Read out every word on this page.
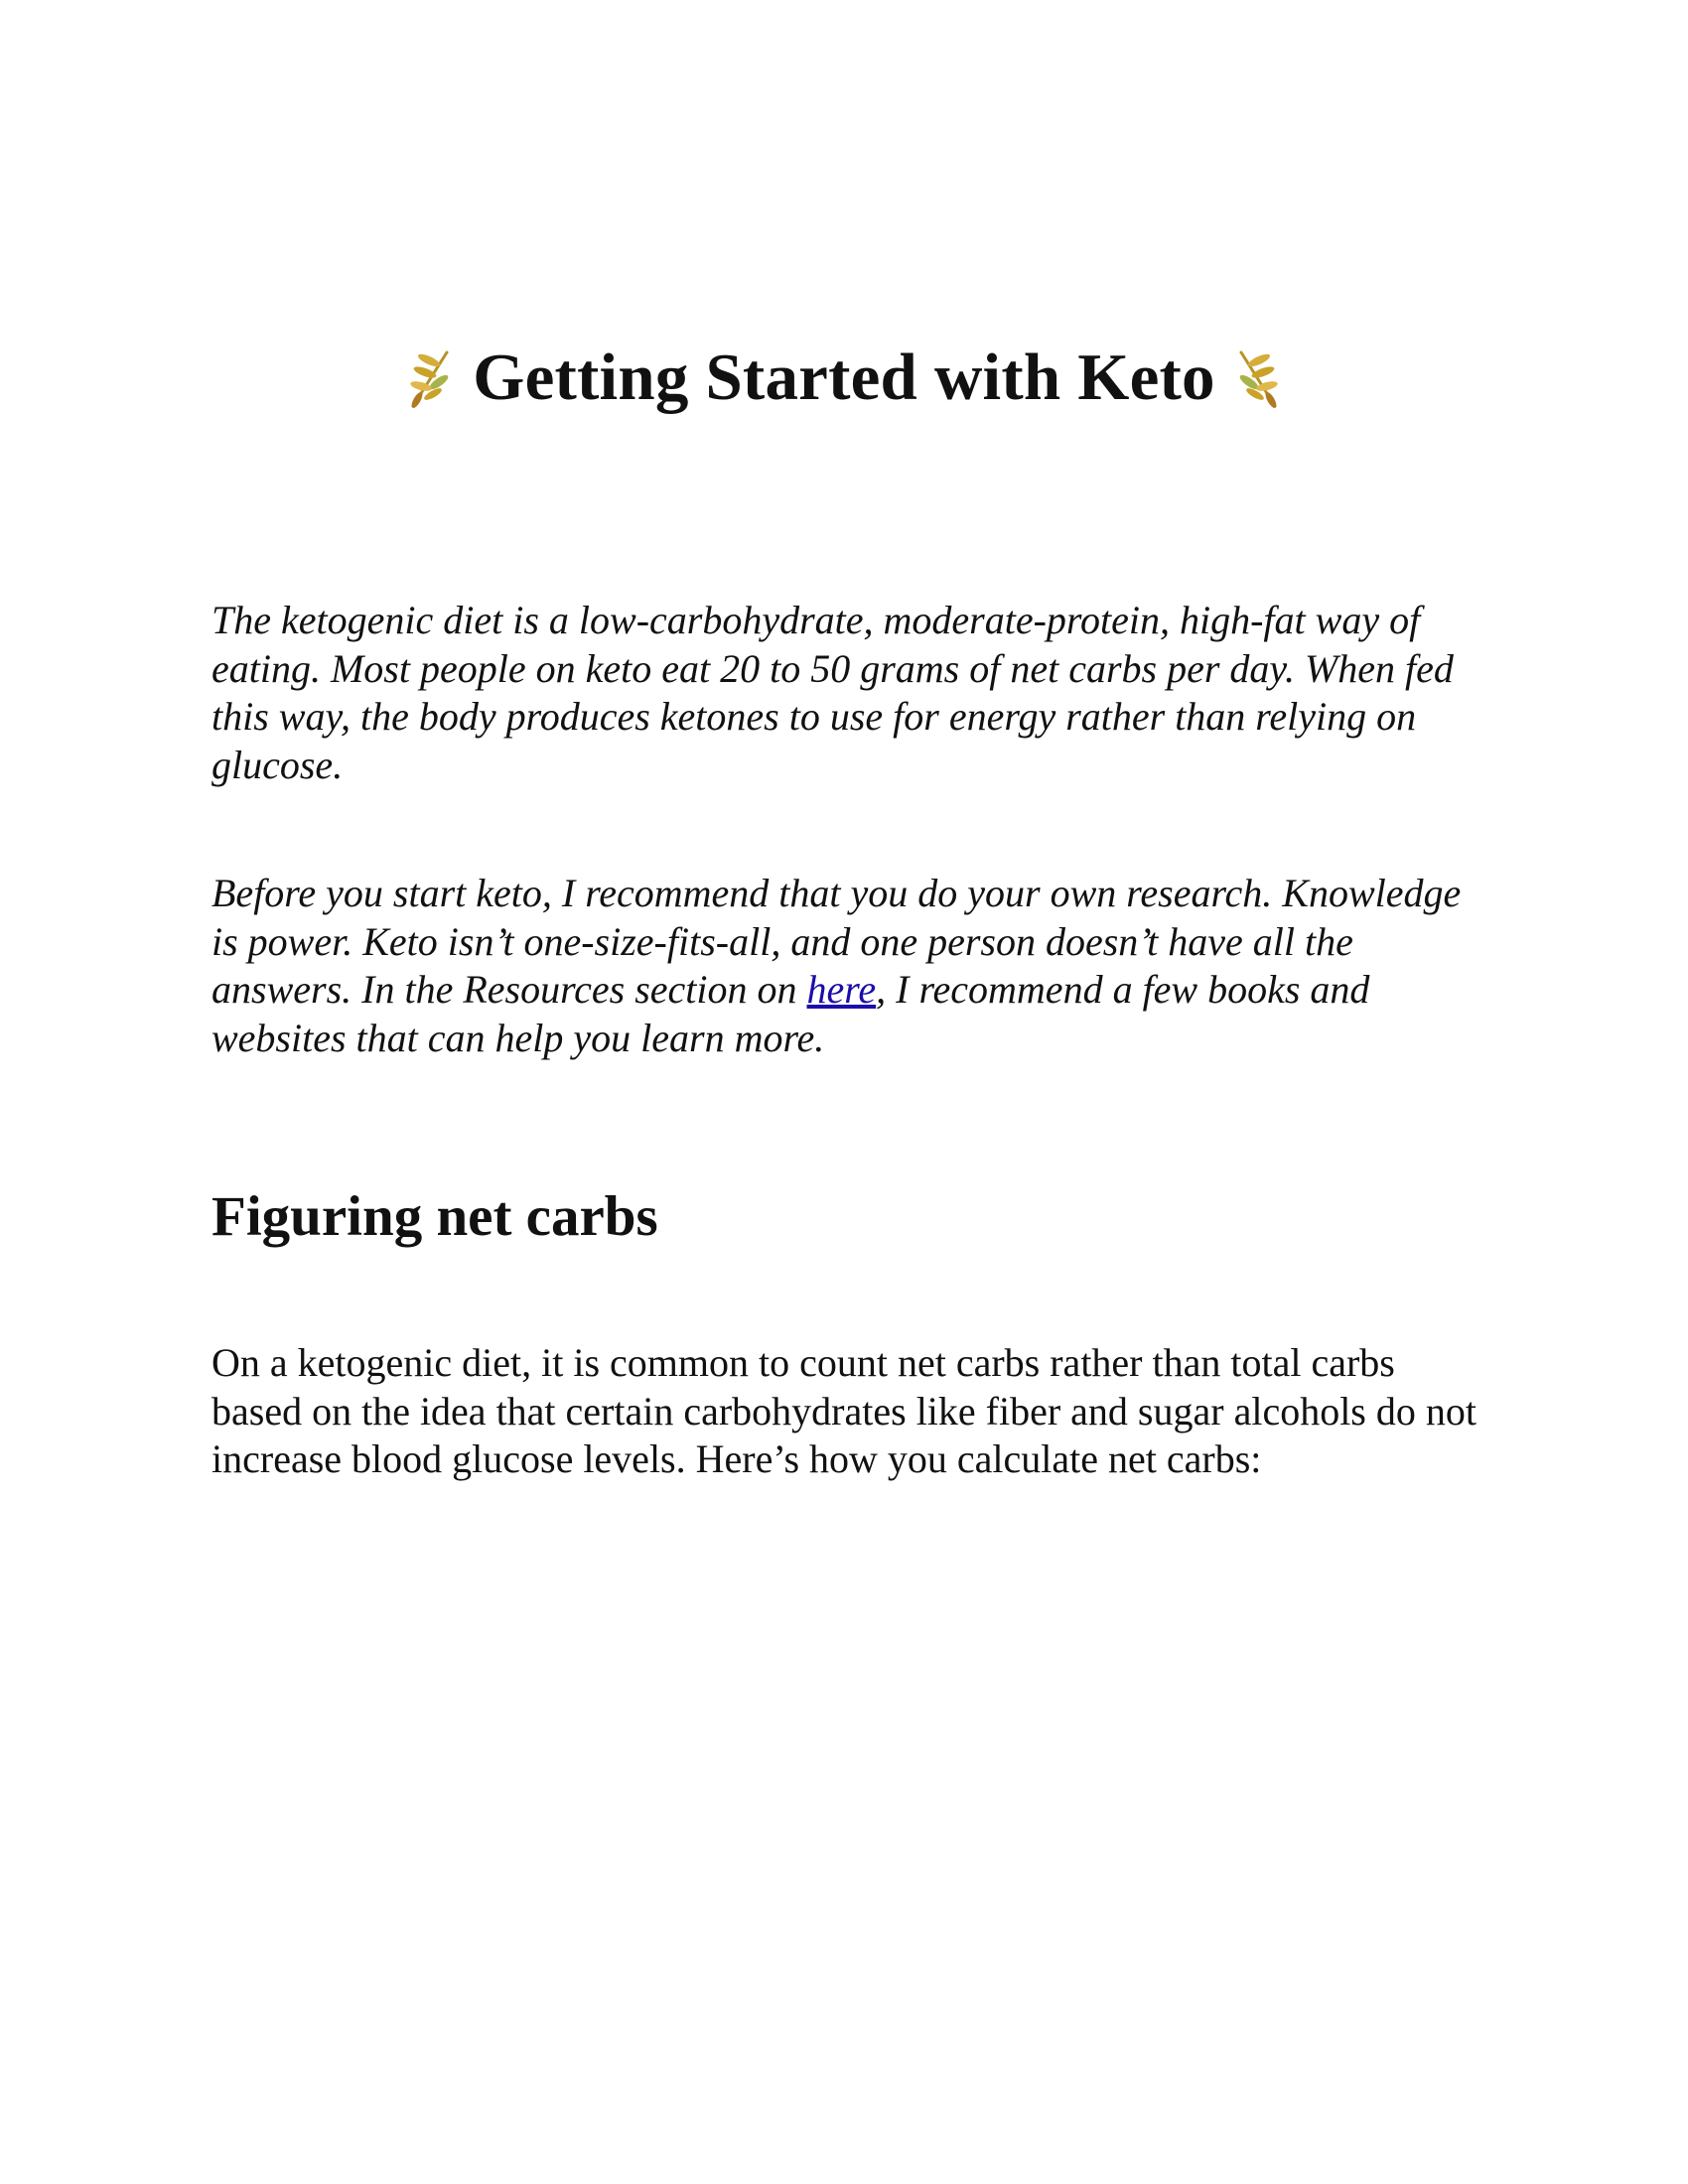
Getting Started with Keto

The ketogenic diet is a low-carbohydrate, moderate-protein, high-fat way of eating. Most people on keto eat 20 to 50 grams of net carbs per day. When fed this way, the body produces ketones to use for energy rather than relying on glucose.

Before you start keto, I recommend that you do your own research. Knowledge is power. Keto isn’t one-size-fits-all, and one person doesn’t have all the answers. In the Resources section on here, I recommend a few books and websites that can help you learn more.

Figuring net carbs

On a ketogenic diet, it is common to count net carbs rather than total carbs based on the idea that certain carbohydrates like fiber and sugar alcohols do not increase blood glucose levels. Here’s how you calculate net carbs:
